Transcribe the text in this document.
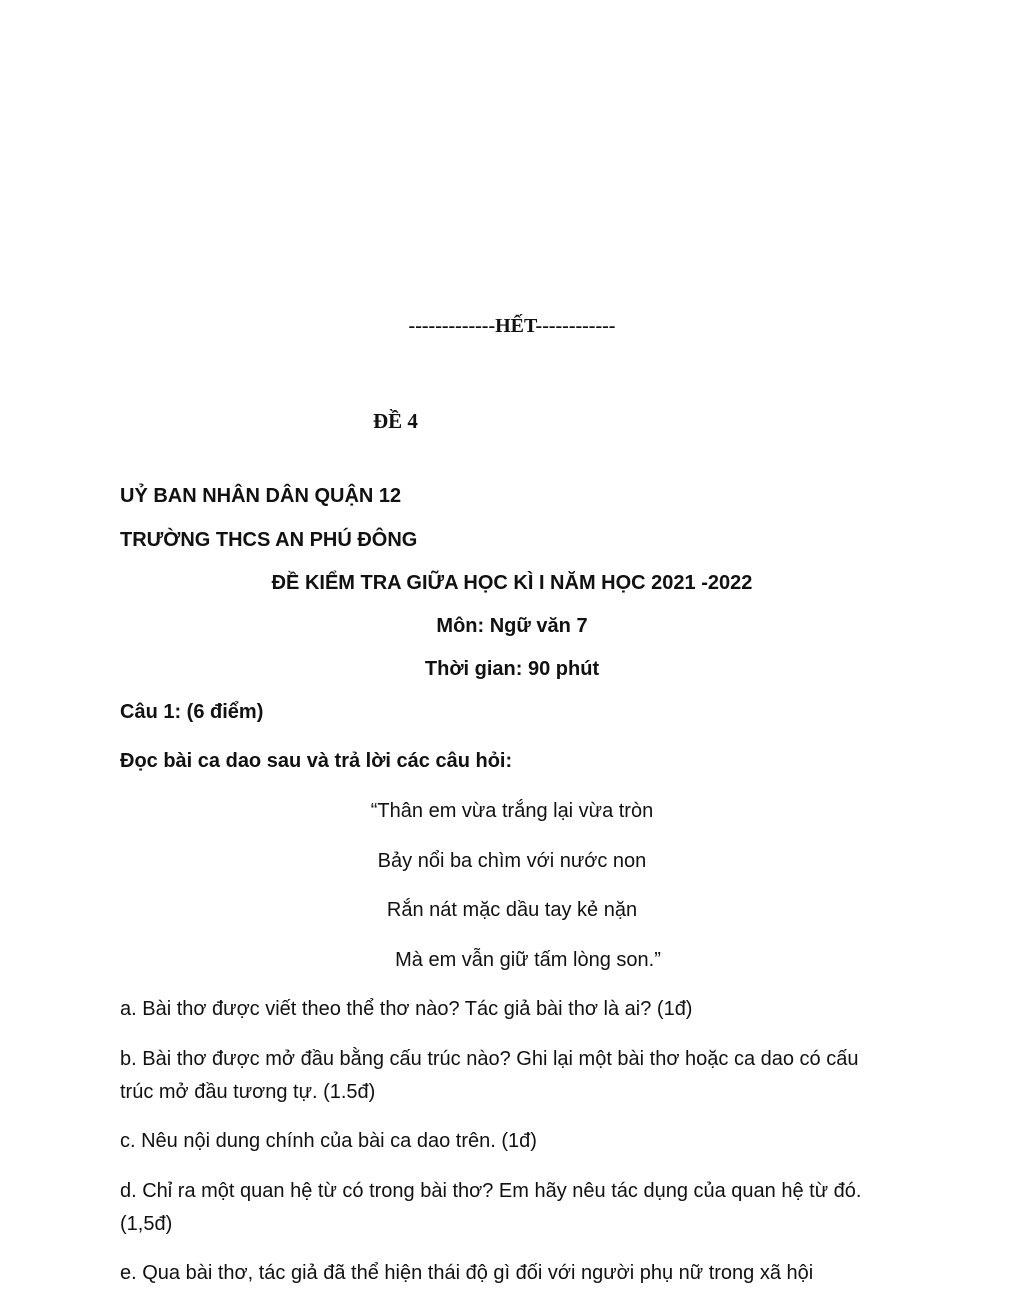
-------------HẾT------------
ĐỀ 4
UỶ BAN NHÂN DÂN QUẬN 12
TRƯỜNG THCS AN PHÚ ĐÔNG
ĐỀ KIỂM TRA GIỮA HỌC KÌ I NĂM HỌC 2021 -2022
Môn: Ngữ văn 7
Thời gian: 90 phút
Câu 1: (6 điểm)
Đọc bài ca dao sau và trả lời các câu hỏi:
“Thân em vừa trắng lại vừa tròn
Bảy nổi ba chìm với nước non
Rắn nát mặc dầu tay kẻ nặn
Mà em vẫn giữ tấm lòng son.”
a. Bài thơ được viết theo thể thơ nào? Tác giả bài thơ là ai? (1đ)
b. Bài thơ được mở đầu bằng cấu trúc nào? Ghi lại một bài thơ hoặc ca dao có cấu trúc mở đầu tương tự. (1.5đ)
c. Nêu nội dung chính của bài ca dao trên. (1đ)
d. Chỉ ra một quan hệ từ có trong bài thơ? Em hãy nêu tác dụng của quan hệ từ đó. (1,5đ)
e. Qua bài thơ, tác giả đã thể hiện thái độ gì đối với người phụ nữ trong xã hội
